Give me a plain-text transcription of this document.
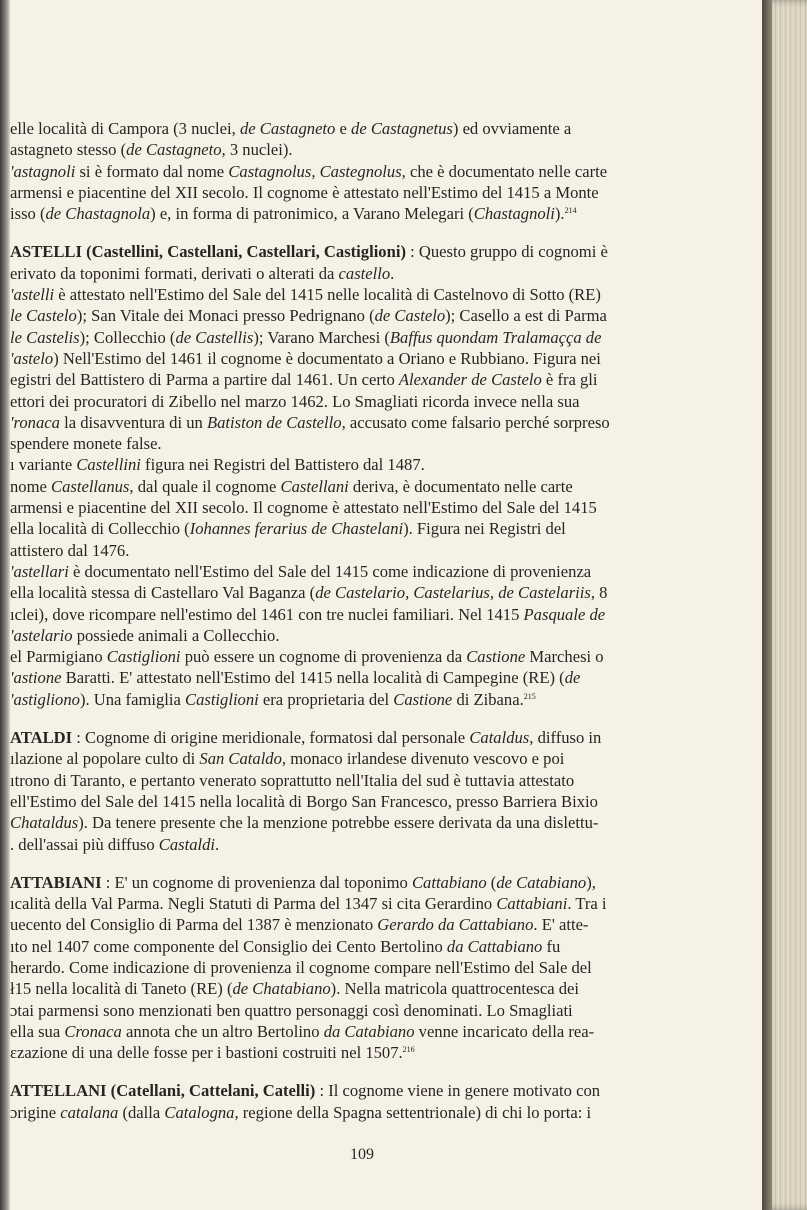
elle località di Campora (3 nuclei, de Castagneto e de Castagnetus) ed ovviamente a
astagneto stesso (de Castagneto, 3 nuclei).
'astagnoli si è formato dal nome Castagnolus, Castegnolus, che è documentato nelle carte
armensi e piacentine del XII secolo. Il cognome è attestato nell'Estimo del 1415 a Monte
isso (de Chastagnola) e, in forma di patronimico, a Varano Melegari (Chastagnoli).$^{214}$
ASTELLI (Castellini, Castellani, Castellari, Castiglioni) : Questo gruppo di cognomi è
erivato da toponimi formati, derivati o alterati da castello.
'astelli è attestato nell'Estimo del Sale del 1415 nelle località di Castelnovo di Sotto (RE)
le Castelo); San Vitale dei Monaci presso Pedrignano (de Castelo); Casello a est di Parma
le Castelis); Collecchio (de Castellis); Varano Marchesi (Baffus quondam Tralamaçça de
'astelo) Nell'Estimo del 1461 il cognome è documentato a Oriano e Rubbiano. Figura nei
egistri del Battistero di Parma a partire dal 1461. Un certo Alexander de Castelo è fra gli
ettori dei procuratori di Zibello nel marzo 1462. Lo Smagliati ricorda invece nella sua
'ronaca la disavventura di un Batiston de Castello, accusato come falsario perché sorpreso
spendere monete false.
ı variante Castellini figura nei Registri del Battistero dal 1487.
nome Castellanus, dal quale il cognome Castellani deriva, è documentato nelle carte
armensi e piacentine del XII secolo. Il cognome è attestato nell'Estimo del Sale del 1415
ella località di Collecchio (Iohannes ferarius de Chastelani). Figura nei Registri del
attistero dal 1476.
'astellari è documentato nell'Estimo del Sale del 1415 come indicazione di provenienza
ella località stessa di Castellaro Val Baganza (de Castelario, Castelarius, de Castelariis, 8
ıclei), dove ricompare nell'estimo del 1461 con tre nuclei familiari. Nel 1415 Pasquale de
'astelario possiede animali a Collecchio.
el Parmigiano Castiglioni può essere un cognome di provenienza da Castione Marchesi o
'astione Baratti. E' attestato nell'Estimo del 1415 nella località di Campegine (RE) (de
'astigliono). Una famiglia Castiglioni era proprietaria del Castione di Zibana.$^{215}$
ATALDI : Cognome di origine meridionale, formatosi dal personale Cataldus, diffuso in
ılazione al popolare culto di San Cataldo, monaco irlandese divenuto vescovo e poi
ıtrono di Taranto, e pertanto venerato soprattutto nell'Italia del sud è tuttavia attestato
ell'Estimo del Sale del 1415 nella località di Borgo San Francesco, presso Barriera Bixio
Chataldus). Da tenere presente che la menzione potrebbe essere derivata da una dislettu-
. dell'assai più diffuso Castaldi.
ATTABIANI : E' un cognome di provenienza dal toponimo Cattabiano (de Catabiano),
ıcalità della Val Parma. Negli Statuti di Parma del 1347 si cita Gerardino Cattabiani. Tra i
uecento del Consiglio di Parma del 1387 è menzionato Gerardo da Cattabiano. E' atte-
ıto nel 1407 come componente del Consiglio dei Cento Bertolino da Cattabiano fu
herardo. Come indicazione di provenienza il cognome compare nell'Estimo del Sale del
ł15 nella località di Taneto (RE) (de Chatabiano). Nella matricola quattrocentesca dei
ɔtai parmensi sono menzionati ben quattro personaggi così denominati. Lo Smagliati
ella sua Cronaca annota che un altro Bertolino da Catabiano venne incaricato della rea-
ɛzazione di una delle fosse per i bastioni costruiti nel 1507.$^{216}$
ATTELLANI (Catellani, Cattelani, Catelli) : Il cognome viene in genere motivato con
ɔrigine catalana (dalla Catalogna, regione della Spagna settentrionale) di chi lo porta: i
109
